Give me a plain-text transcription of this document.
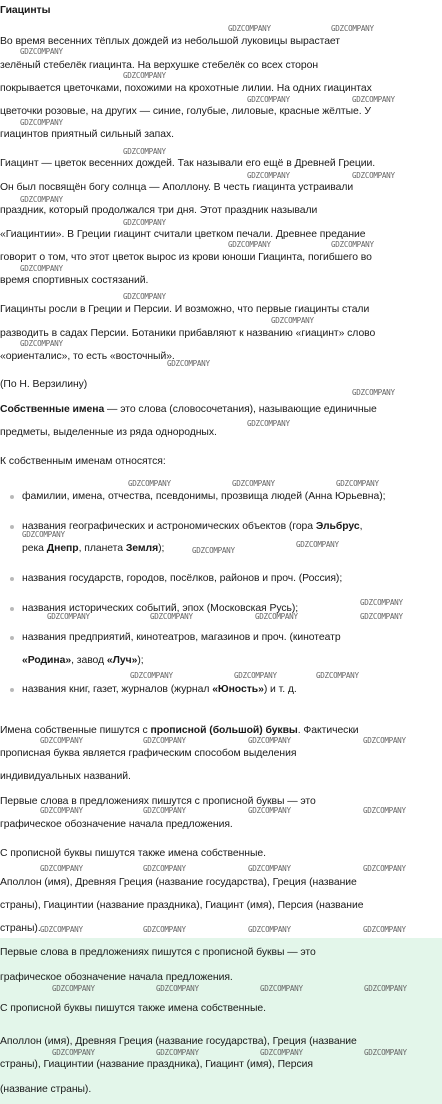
Гиацинты
Во время весенних тёплых дождей из небольшой луковицы вырастает
зелёный стебелёк гиацинта. На верхушке стебелёк со всех сторон
покрывается цветочками, похожими на крохотные лилии. На одних гиацинтах
цветочки розовые, на других — синие, голубые, лиловые, красные жёлтые. У
гиацинтов приятный сильный запах.
Гиацинт — цветок весенних дождей. Так называли его ещё в Древней Греции.
Он был посвящён богу солнца — Аполлону. В честь гиацинта устраивали
праздник, который продолжался три дня. Этот праздник называли
«Гиацинтии». В Греции гиацинт считали цветком печали. Древнее предание
говорит о том, что этот цветок вырос из крови юноши Гиацинта, погибшего во
время спортивных состязаний.
Гиацинты росли в Греции и Персии. И возможно, что первые гиацинты стали
разводить в садах Персии. Ботаники прибавляют к названию «гиацинт» слово
«ориенталис», то есть «восточный».
(По Н. Верзилину)
Собственные имена — это слова (словосочетания), называющие единичные
предметы, выделенные из ряда однородных.
К собственным именам относятся:
фамилии, имена, отчества, псевдонимы, прозвища людей (Анна Юрьевна);
названия географических и астрономических объектов (гора Эльбрус,
река Днепр, планета Земля);
названия государств, городов, посёлков, районов и проч. (Россия);
названия исторических событий, эпох (Московская Русь);
названия предприятий, кинотеатров, магазинов и проч. (кинотеатр
«Родина», завод «Луч»);
названия книг, газет, журналов (журнал «Юность») и т. д.
Имена собственные пишутся с прописной (большой) буквы. Фактически
прописная буква является графическим способом выделения
индивидуальных названий.
Первые слова в предложениях пишутся с прописной буквы — это
графическое обозначение начала предложения.
С прописной буквы пишутся также имена собственные.
Аполлон (имя), Древняя Греция (название государства), Греция (название
страны), Гиацинтии (название праздника), Гиацинт (имя), Персия (название
страны).
Первые слова в предложениях пишутся с прописной буквы — это
графическое обозначение начала предложения.
С прописной буквы пишутся также имена собственные.
Аполлон (имя), Древняя Греция (название государства), Греция (название
страны), Гиацинтии (название праздника), Гиацинт (имя), Персия
(название страны).
GDZCOMPANY	GDZCOMPANY
GDZCOMPANY
GDZCOMPANY
GDZCOMPANY	GDZCOMPANY
GDZCOMPANY
GDZCOMPANY
GDZCOMPANY	GDZCOMPANY
GDZCOMPANY
GDZCOMPANY
GDZCOMPANY	GDZCOMPANY
GDZCOMPANY
GDZCOMPANY
GDZCOMPANY
GDZCOMPANY
GDZCOMPANY
GDZCOMPANY
GDZCOMPANY
GDZCOMPANY	GDZCOMPANY	GDZCOMPANY
GDZCOMPANY
GDZCOMPANY
GDZCOMPANY
GDZCOMPANY
GDZCOMPANY	GDZCOMPANY	GDZCOMPANY	GDZCOMPANY
GDZCOMPANY	GDZCOMPANY	GDZCOMPANY
GDZCOMPANY	GDZCOMPANY	GDZCOMPANY	GDZCOMPANY
GDZCOMPANY	GDZCOMPANY	GDZCOMPANY	GDZCOMPANY
GDZCOMPANY	GDZCOMPANY	GDZCOMPANY	GDZCOMPANY
GDZCOMPANY	GDZCOMPANY	GDZCOMPANY	GDZCOMPANY
GDZCOMPANY	GDZCOMPANY	GDZCOMPANY	GDZCOMPANY
GDZCOMPANY	GDZCOMPANY	GDZCOMPANY	GDZCOMPANY
